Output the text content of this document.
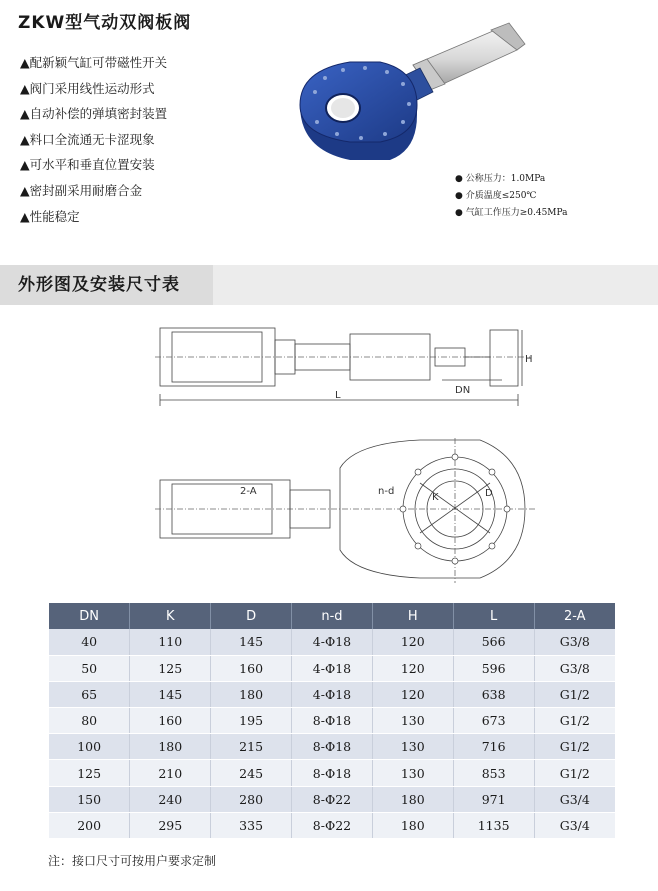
ZKW型气动双阀板阀
▲配新颖气缸可带磁性开关
▲阀门采用线性运动形式
▲自动补偿的弹填密封装置
▲料口全流通无卡涩现象
▲可水平和垂直位置安装
▲密封副采用耐磨合金
▲性能稳定
● 公称压力：1.0MPa
● 介质温度≤250℃
● 气缸工作压力≥0.45MPa
外形图及安装尺寸表
H
L	DN
2-A	n-d
K	D
DN	K	D	n-d	H	L	2-A
40	110	145	4-Φ18	120	566	G3/8
50	125	160	4-Φ18	120	596	G3/8
65	145	180	4-Φ18	120	638	G1/2
80	160	195	8-Φ18	130	673	G1/2
100	180	215	8-Φ18	130	716	G1/2
125	210	245	8-Φ18	130	853	G1/2
150	240	280	8-Φ22	180	971	G3/4
200	295	335	8-Φ22	180	1135	G3/4
注：接口尺寸可按用户要求定制
